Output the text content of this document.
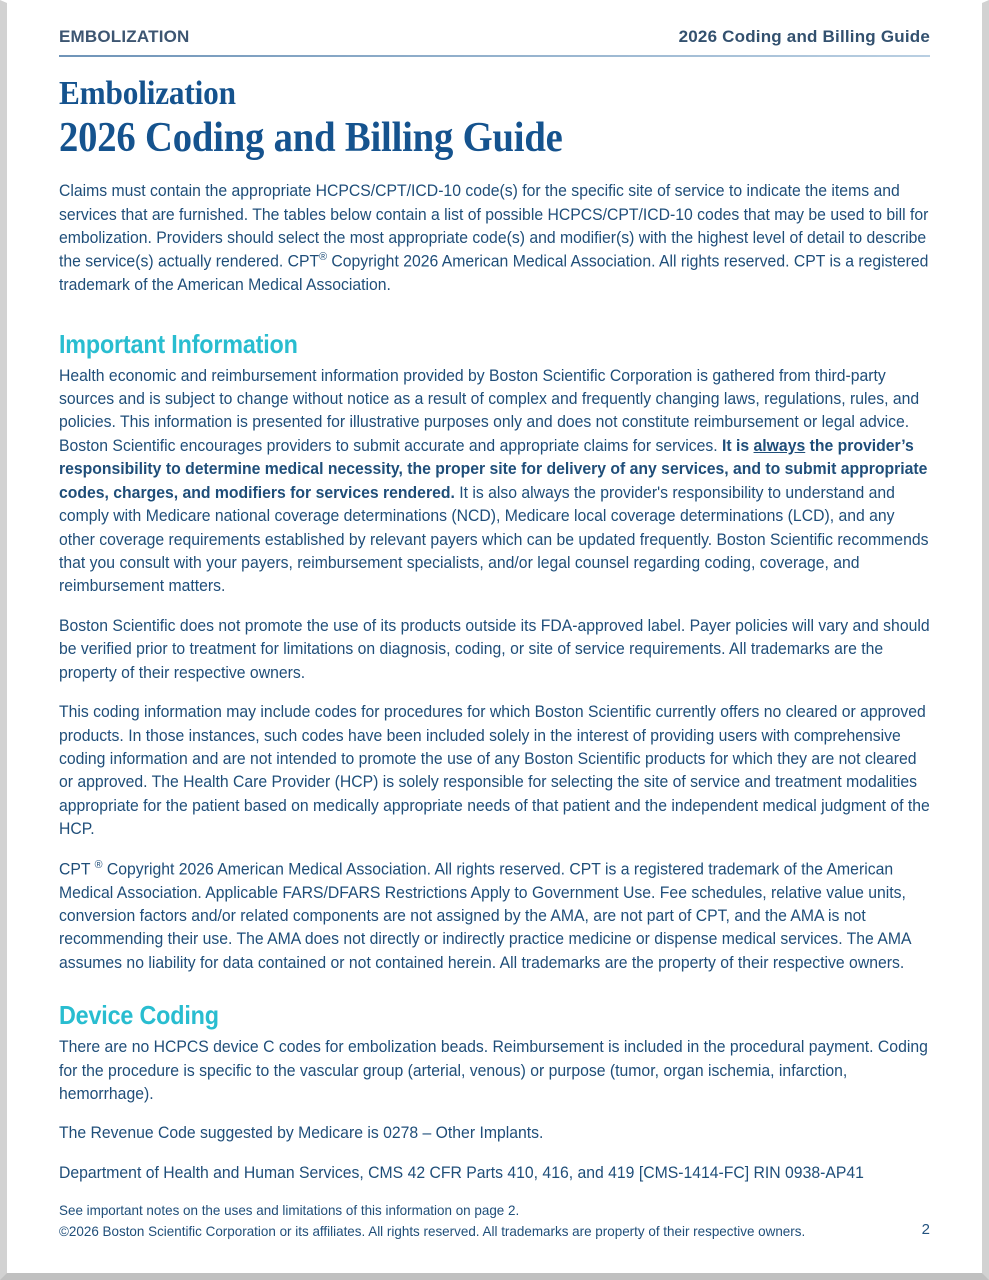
EMBOLIZATION	2026 Coding and Billing Guide
Embolization
2026 Coding and Billing Guide

Claims must contain the appropriate HCPCS/CPT/ICD-10 code(s) for the specific site of service to indicate the items and services that are furnished. The tables below contain a list of possible HCPCS/CPT/ICD-10 codes that may be used to bill for embolization. Providers should select the most appropriate code(s) and modifier(s) with the highest level of detail to describe the service(s) actually rendered. CPT® Copyright 2026 American Medical Association. All rights reserved. CPT is a registered trademark of the American Medical Association.

Important Information

Health economic and reimbursement information provided by Boston Scientific Corporation is gathered from third-party sources and is subject to change without notice as a result of complex and frequently changing laws, regulations, rules, and policies. This information is presented for illustrative purposes only and does not constitute reimbursement or legal advice. Boston Scientific encourages providers to submit accurate and appropriate claims for services. It is always the provider’s responsibility to determine medical necessity, the proper site for delivery of any services, and to submit appropriate codes, charges, and modifiers for services rendered. It is also always the provider's responsibility to understand and comply with Medicare national coverage determinations (NCD), Medicare local coverage determinations (LCD), and any other coverage requirements established by relevant payers which can be updated frequently. Boston Scientific recommends that you consult with your payers, reimbursement specialists, and/or legal counsel regarding coding, coverage, and reimbursement matters.

Boston Scientific does not promote the use of its products outside its FDA-approved label. Payer policies will vary and should be verified prior to treatment for limitations on diagnosis, coding, or site of service requirements. All trademarks are the property of their respective owners.

This coding information may include codes for procedures for which Boston Scientific currently offers no cleared or approved products. In those instances, such codes have been included solely in the interest of providing users with comprehensive coding information and are not intended to promote the use of any Boston Scientific products for which they are not cleared or approved. The Health Care Provider (HCP) is solely responsible for selecting the site of service and treatment modalities appropriate for the patient based on medically appropriate needs of that patient and the independent medical judgment of the HCP.

CPT ® Copyright 2026 American Medical Association. All rights reserved. CPT is a registered trademark of the American Medical Association. Applicable FARS/DFARS Restrictions Apply to Government Use. Fee schedules, relative value units, conversion factors and/or related components are not assigned by the AMA, are not part of CPT, and the AMA is not recommending their use. The AMA does not directly or indirectly practice medicine or dispense medical services. The AMA assumes no liability for data contained or not contained herein. All trademarks are the property of their respective owners.

Device Coding

There are no HCPCS device C codes for embolization beads. Reimbursement is included in the procedural payment. Coding for the procedure is specific to the vascular group (arterial, venous) or purpose (tumor, organ ischemia, infarction, hemorrhage).

The Revenue Code suggested by Medicare is 0278 – Other Implants.

Department of Health and Human Services, CMS 42 CFR Parts 410, 416, and 419 [CMS-1414-FC] RIN 0938-AP41

See important notes on the uses and limitations of this information on page 2.
©2026 Boston Scientific Corporation or its affiliates. All rights reserved. All trademarks are property of their respective owners.	2
